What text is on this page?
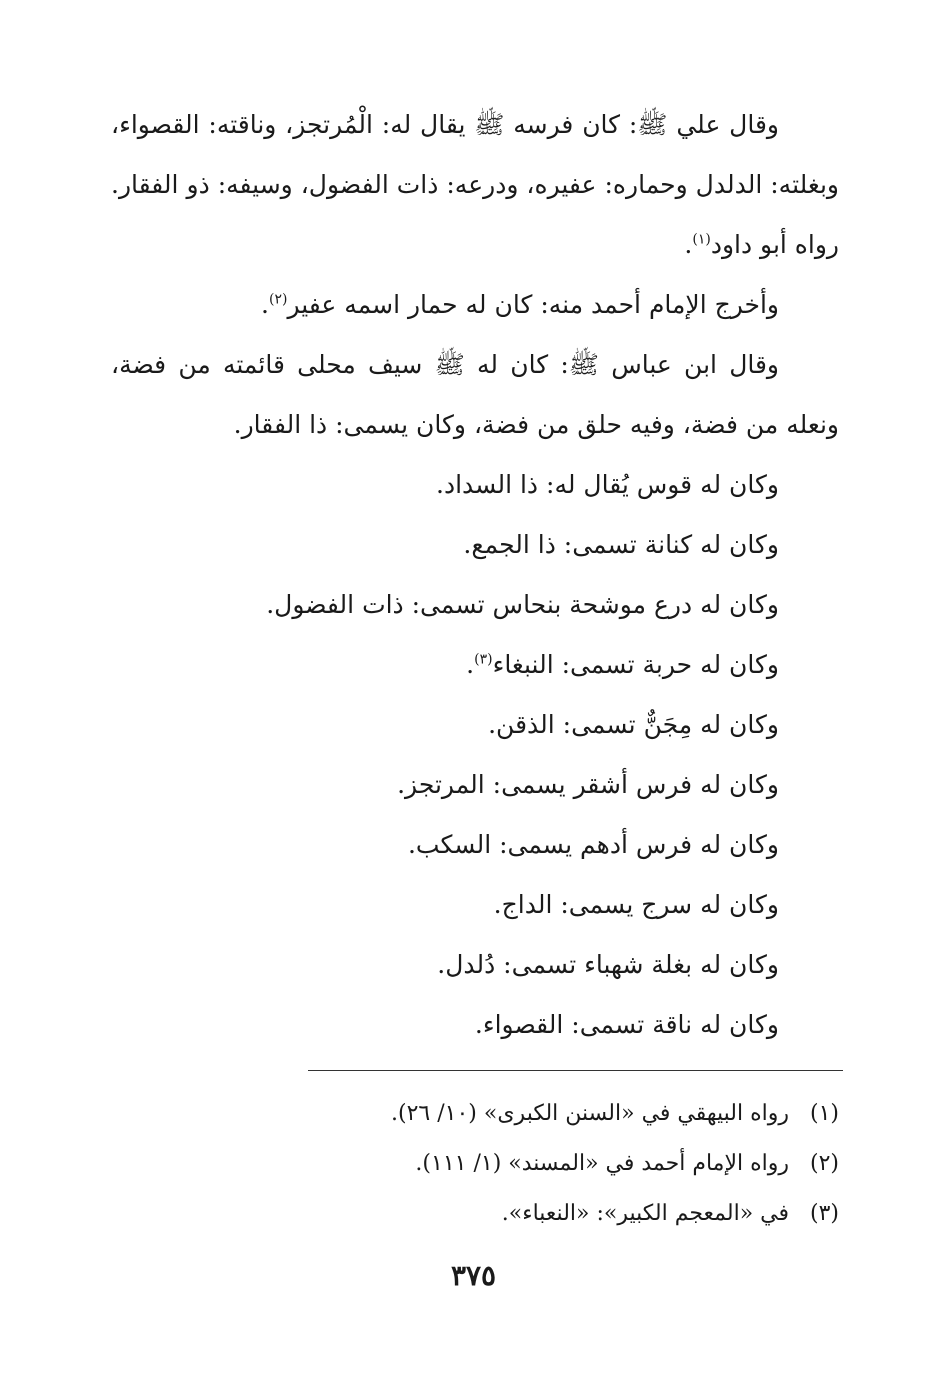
وقال علي ﷺ: كان فرسه ﷺ يقال له: الْمُرتجز، وناقته: القصواء، وبغلته: الدلدل وحماره: عفيره، ودرعه: ذات الفضول، وسيفه: ذو الفقار. رواه أبو داود$^{(١)}$.

وأخرج الإمام أحمد منه: كان له حمار اسمه عفير$^{(٢)}$.

وقال ابن عباس ﷺ: كان له ﷺ سيف محلى قائمته من فضة، ونعله من فضة، وفيه حلق من فضة، وكان يسمى: ذا الفقار.

وكان له قوس يُقال له: ذا السداد.

وكان له كنانة تسمى: ذا الجمع.

وكان له درع موشحة بنحاس تسمى: ذات الفضول.

وكان له حربة تسمى: النبغاء$^{(٣)}$.

وكان له مِجَنٌّ تسمى: الذقن.

وكان له فرس أشقر يسمى: المرتجز.

وكان له فرس أدهم يسمى: السكب.

وكان له سرج يسمى: الداج.

وكان له بغلة شهباء تسمى: دُلدل.

وكان له ناقة تسمى: القصواء.

(١)رواه البيهقي في «السنن الكبرى» (١٠/ ٢٦).

(٢)رواه الإمام أحمد في «المسند» (١/ ١١١).

(٣)في «المعجم الكبير»: «النعباء».

٣٧٥
